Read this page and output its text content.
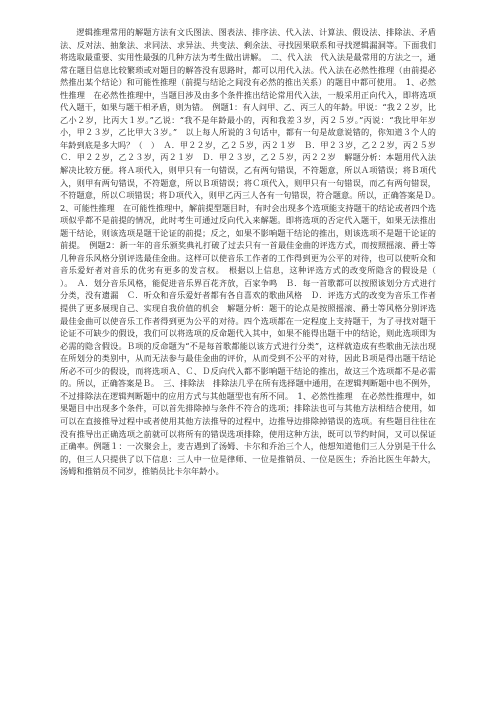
逻辑推理常用的解题方法有文氏图法、图表法、排序法、代入法、计算法、假设法、排除法、矛盾法、反对法、抽象法、求同法、求异法、共变法、剩余法、寻找因果联系和寻找逻辑漏洞等。下面我们将选取最重要、实用性最强的几种方法为考生做出讲解。　二、代入法　代入法是最常用的方法之一，通常在题目信息比较繁琐或对题目的解答没有思路时，都可以用代入法。代入法在必然性推理（由前提必然推出某个结论）和可能性推理（前提与结论之间没有必然的推出关系）的题目中都可使用。　1、必然性推理　在必然性推理中，当题目涉及由多个条件推出结论常用代入法，一般采用正向代入，即将选项代入题干，如果与题干相矛盾，则为错。　例题1：有人问甲、乙、丙三人的年龄。甲说：“我２２岁，比乙小２岁，比丙大１岁。”乙说：“我不是年龄最小的，丙和我差３岁，丙２５岁。”丙说：“我比甲年岁小，甲２３岁，乙比甲大３岁。”　以上每人所说的３句话中，都有一句是故意说错的，你知道３个人的年龄到底是多大吗？（　）　Ａ．甲２２岁，乙２５岁，丙２１岁　Ｂ．甲２３岁，乙２２岁，丙２５岁　Ｃ．甲２２岁，乙２３岁，丙２１岁　Ｄ．甲２３岁，乙２５岁，丙２２岁　解题分析：本题用代入法解决比较方便。将Ａ项代入，则甲只有一句错误，乙有两句错误，不符题意，所以Ａ项错误；将Ｂ项代入，则甲有两句错误，不符题意，所以Ｂ项错误；将Ｃ项代入，则甲只有一句错误，而乙有两句错误，不符题意，所以Ｃ项错误；将Ｄ项代入，则甲乙丙三人各有一句错误，符合题意。所以，正确答案是Ｄ。　2、可能性推理　在可能性推理中，解前提型题目时，有时会出现多个选项能支持题干的结论或者四个选项似乎都不是前提的情况，此时考生可通过反向代入来解题。即将选项的否定代入题干，如果无法推出题干结论，则该选项是题干论证的前提；反之，如果不影响题干结论的推出，则该选项不是题干论证的前提。　例题2：新一年的音乐颁奖典礼打破了过去只有一首最佳金曲的评选方式，而按照摇滚、爵士等几种音乐风格分别评选最佳金曲。这样可以使音乐工作者的工作得到更为公平的对待，也可以使听众和音乐爱好者对音乐的优劣有更多的发言权。　根据以上信息，这种评选方式的改变所隐含的假设是（　　）。　Ａ．划分音乐风格，能促进音乐界百花齐放，百家争鸣　Ｂ．每一首歌都可以按照该划分方式进行分类，没有遗漏　Ｃ．听众和音乐爱好者都有各自喜欢的歌曲风格　Ｄ．评选方式的改变为音乐工作者提供了更多展现自己、实现自我价值的机会　解题分析：题干的论点是按照摇滚、爵士等风格分别评选最佳金曲可以使音乐工作者得到更为公平的对待。四个选项都在一定程度上支持题干，为了寻找对题干论证不可缺少的假设，我们可以将选项的反命题代入其中，如果不能得出题干中的结论，则此选项即为必需的隐含假设。Ｂ项的反命题为“不是每首歌都能以该方式进行分类”，这样就造成有些歌曲无法出现在所划分的类别中，从而无法参与最佳金曲的评价，从而受到不公平的对待，因此Ｂ项是得出题干结论所必不可少的假设，而将选项Ａ、Ｃ、Ｄ反向代入都不影响题干结论的推出，故这三个选项都不是必需的。所以，正确答案是Ｂ。　三、排除法　排除法几乎在所有选择题中通用，在逻辑判断题中也不例外，不过排除法在逻辑判断题中的应用方式与其他题型也有所不同。　1、必然性推理　在必然性推理中，如果题目中出现多个条件，可以首先排除掉与条件不符合的选项；排除法也可与其他方法相结合使用，如可以在直接推导过程中或者使用其他方法推导的过程中，边推导边排除掉错误的选项。有些题目往往在没有推导出正确选项之前就可以将所有的错误选项排除，使用这种方法，既可以节约时间，又可以保证正确率。例题１：一次聚会上，麦吉遇到了汤姆、卡尔和乔治三个人，他想知道他们三人分别是干什么的，但三人只提供了以下信息：三人中一位是律师、一位是推销员、一位是医生；乔治比医生年龄大，汤姆和推销员不同岁，推销员比卡尔年龄小。
